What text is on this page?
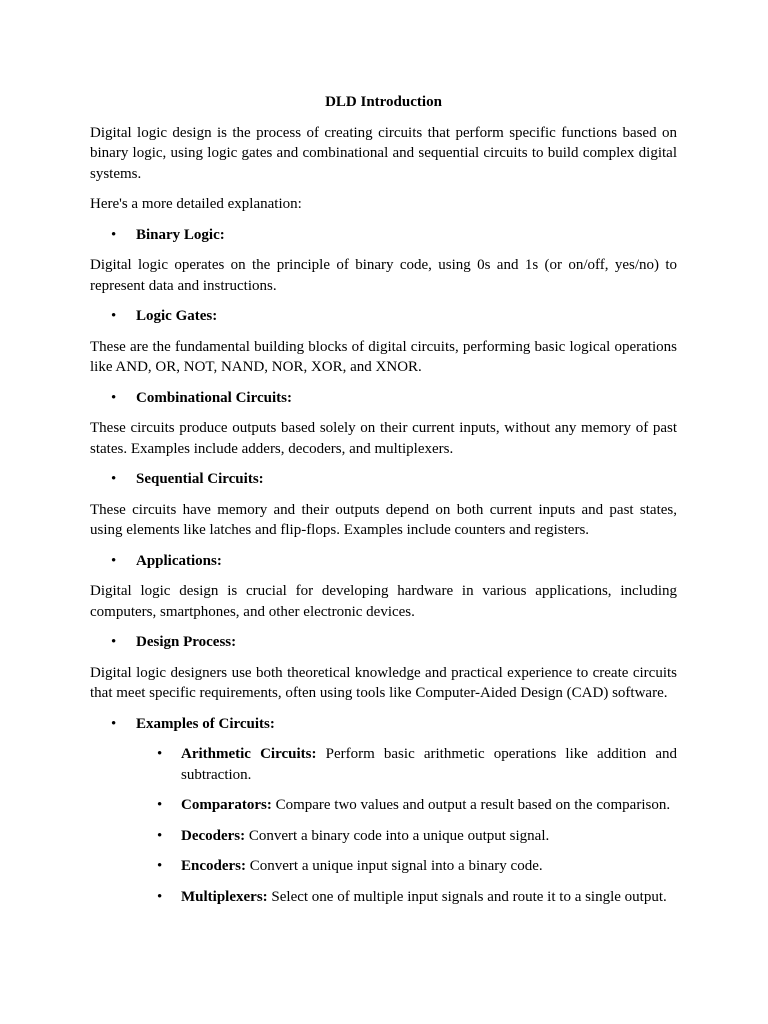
DLD Introduction

Digital logic design is the process of creating circuits that perform specific functions based on binary logic, using logic gates and combinational and sequential circuits to build complex digital systems.

Here's a more detailed explanation:

• Binary Logic:

Digital logic operates on the principle of binary code, using 0s and 1s (or on/off, yes/no) to represent data and instructions.

• Logic Gates:

These are the fundamental building blocks of digital circuits, performing basic logical operations like AND, OR, NOT, NAND, NOR, XOR, and XNOR.

• Combinational Circuits:

These circuits produce outputs based solely on their current inputs, without any memory of past states. Examples include adders, decoders, and multiplexers.

• Sequential Circuits:

These circuits have memory and their outputs depend on both current inputs and past states, using elements like latches and flip-flops. Examples include counters and registers.

• Applications:

Digital logic design is crucial for developing hardware in various applications, including computers, smartphones, and other electronic devices.

• Design Process:

Digital logic designers use both theoretical knowledge and practical experience to create circuits that meet specific requirements, often using tools like Computer-Aided Design (CAD) software.

• Examples of Circuits:
• Arithmetic Circuits: Perform basic arithmetic operations like addition and subtraction.
• Comparators: Compare two values and output a result based on the comparison.
• Decoders: Convert a binary code into a unique output signal.
• Encoders: Convert a unique input signal into a binary code.
• Multiplexers: Select one of multiple input signals and route it to a single output.
